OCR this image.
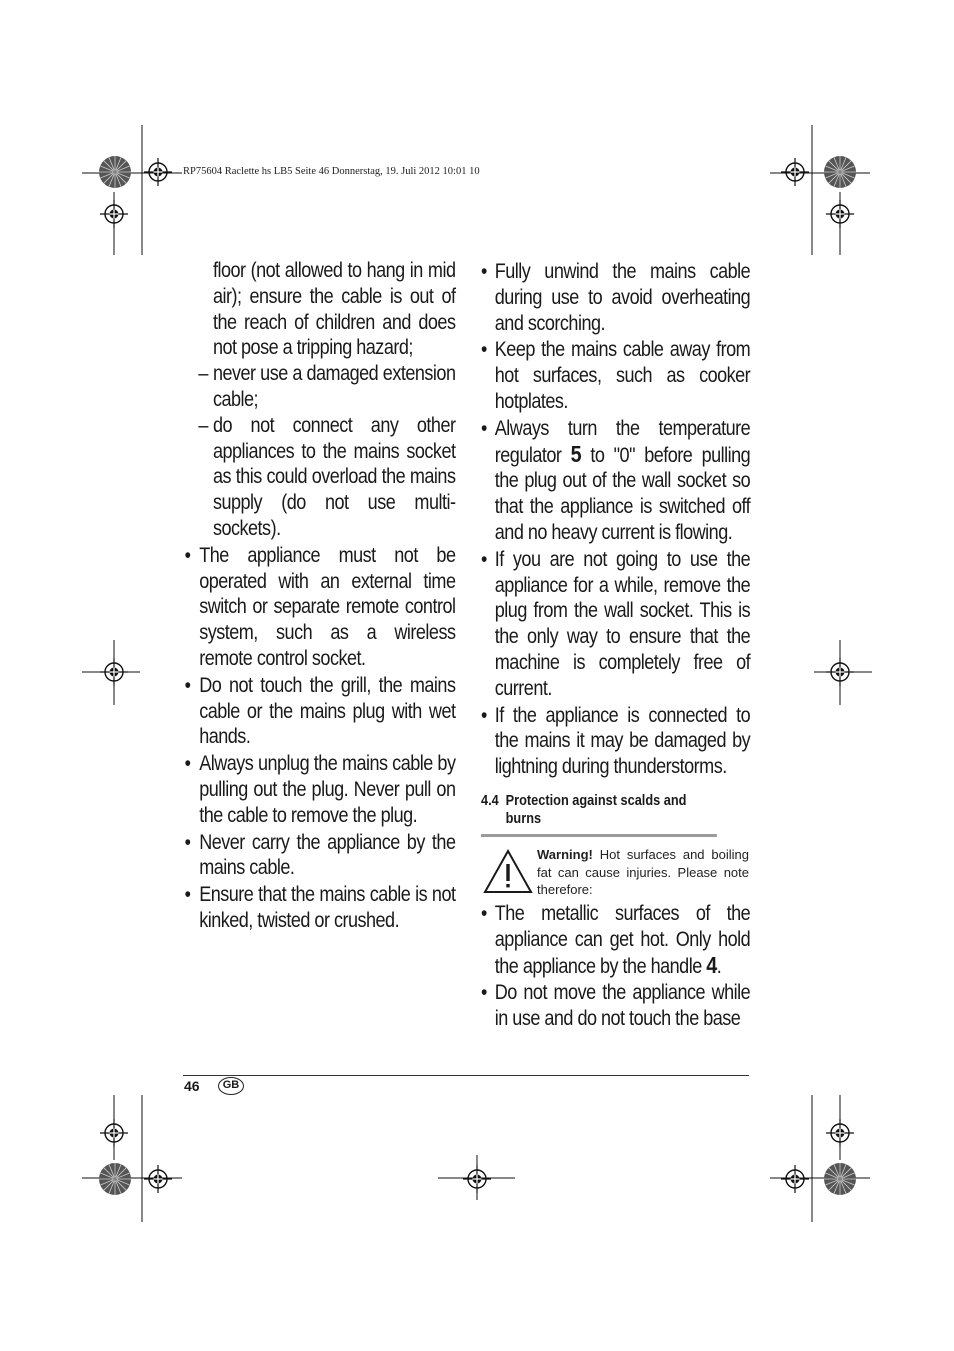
RP75604 Raclette hs LB5 Seite 46 Donnerstag, 19. Juli 2012 10:01 10

floor (not allowed to hang in mid air); ensure the cable is out of the reach of children and does not pose a tripping hazard;

– never use a damaged extension cable;

– do not connect any other appliances to the mains socket as this could overload the mains supply (do not use multi-sockets).

• The appliance must not be operated with an external time switch or separate remote control system, such as a wireless remote control socket.

• Do not touch the grill, the mains cable or the mains plug with wet hands.

• Always unplug the mains cable by pulling out the plug. Never pull on the cable to remove the plug.

• Never carry the appliance by the mains cable.

• Ensure that the mains cable is not kinked, twisted or crushed.

• Fully unwind the mains cable during use to avoid overheating and scorching.

• Keep the mains cable away from hot surfaces, such as cooker hotplates.

• Always turn the temperature regulator 5 to "0" before pulling the plug out of the wall socket so that the appliance is switched off and no heavy current is flowing.

• If you are not going to use the appliance for a while, remove the plug from the wall socket. This is the only way to ensure that the machine is completely free of current.

• If the appliance is connected to the mains it may be damaged by lightning during thunderstorms.

4.4 Protection against scalds and
burns
Warning! Hot surfaces and boiling fat can cause injuries. Please note therefore:

• The metallic surfaces of the appliance can get hot. Only hold the appliance by the handle 4.

• Do not move the appliance while in use and do not touch the base

46	GB
